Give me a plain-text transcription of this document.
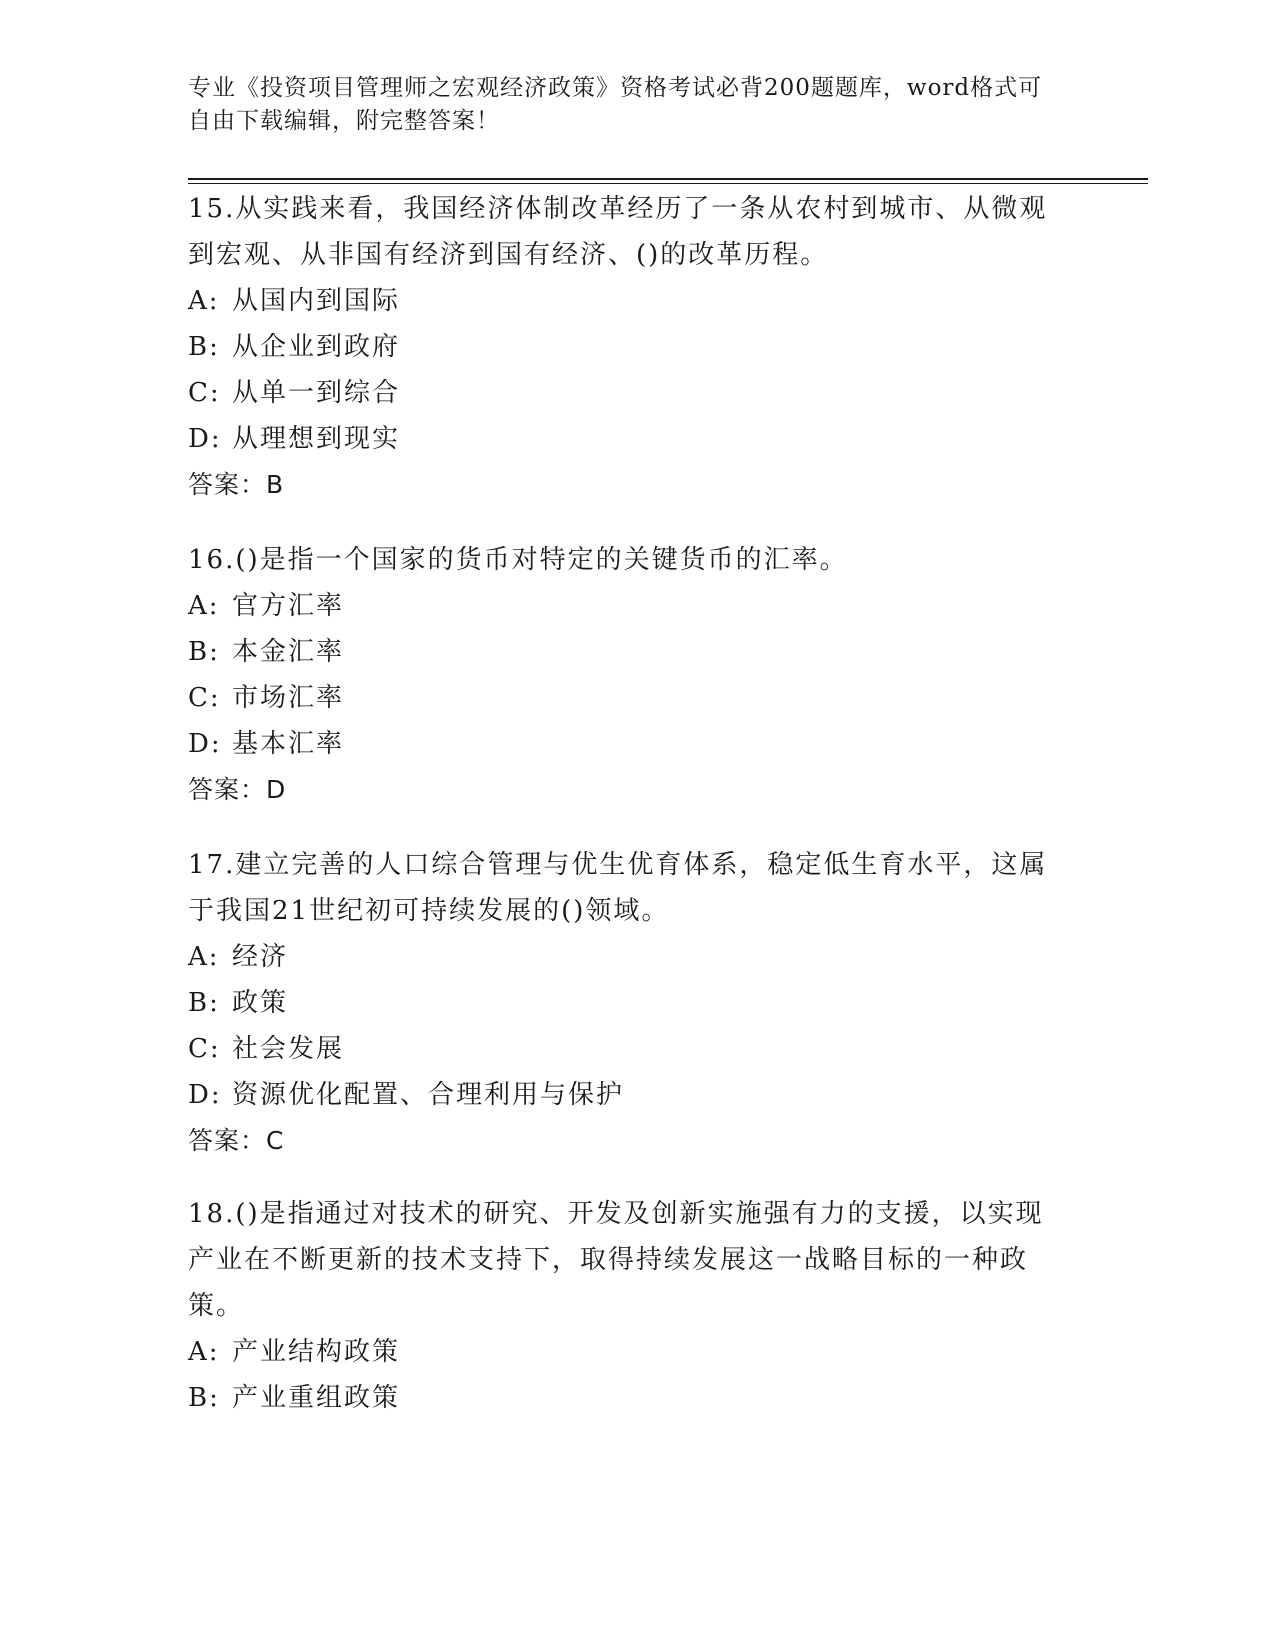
专业《投资项目管理师之宏观经济政策》资格考试必背200题题库，word格式可
自由下载编辑，附完整答案！

15.从实践来看，我国经济体制改革经历了一条从农村到城市、从微观到宏观、从非国有经济到国有经济、()的改革历程。

A: 从国内到国际

B: 从企业到政府

C: 从单一到综合

D: 从理想到现实

答案：B

16.()是指一个国家的货币对特定的关键货币的汇率。

A: 官方汇率

B: 本金汇率

C: 市场汇率

D: 基本汇率

答案：D

17.建立完善的人口综合管理与优生优育体系，稳定低生育水平，这属于我国21世纪初可持续发展的()领域。

A: 经济

B: 政策

C: 社会发展

D: 资源优化配置、合理利用与保护

答案：C

18.()是指通过对技术的研究、开发及创新实施强有力的支援，以实现产业在不断更新的技术支持下，取得持续发展这一战略目标的一种政策。

A: 产业结构政策

B: 产业重组政策
